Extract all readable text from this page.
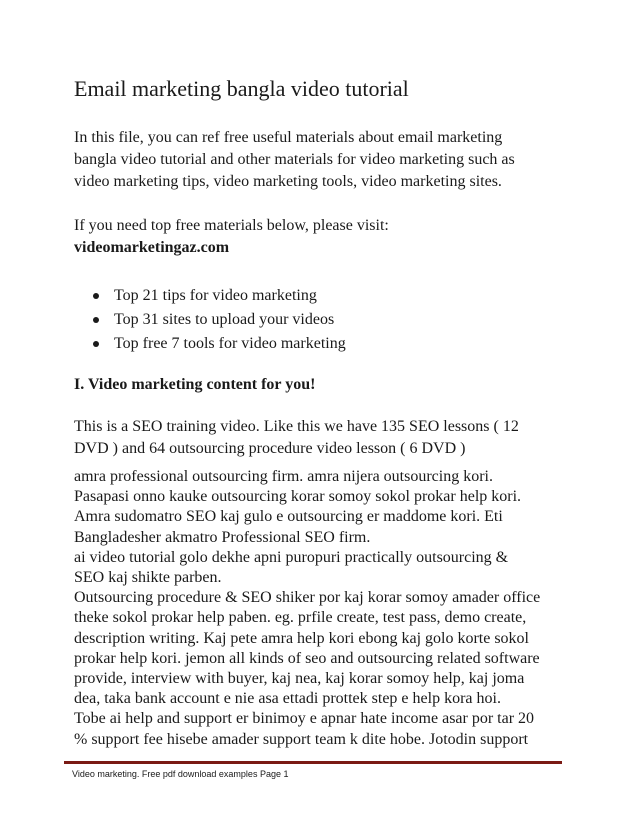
Email marketing bangla video tutorial
In this file, you can ref free useful materials about email marketing
bangla video tutorial and other materials for video marketing such as
video marketing tips, video marketing tools, video marketing sites.
If you need top free materials below, please visit:
videomarketingaz.com
Top 21 tips for video marketing
Top 31 sites to upload your videos
Top free 7 tools for video marketing
I. Video marketing content for you!
This is a SEO training video. Like this we have 135 SEO lessons ( 12
DVD ) and 64 outsourcing procedure video lesson ( 6 DVD )
amra professional outsourcing firm. amra nijera outsourcing kori.
Pasapasi onno kauke outsourcing korar somoy sokol prokar help kori.
Amra sudomatro SEO kaj gulo e outsourcing er maddome kori. Eti
Bangladesher akmatro Professional SEO firm.
ai video tutorial golo dekhe apni puropuri practically outsourcing &
SEO kaj shikte parben.
Outsourcing procedure & SEO shiker por kaj korar somoy amader office
theke sokol prokar help paben. eg. prfile create, test pass, demo create,
description writing. Kaj pete amra help kori ebong kaj golo korte sokol
prokar help kori. jemon all kinds of seo and outsourcing related software
provide, interview with buyer, kaj nea, kaj korar somoy help, kaj joma
dea, taka bank account e nie asa ettadi prottek step e help kora hoi.
Tobe ai help and support er binimoy e apnar hate income asar por tar 20
% support fee hisebe amader support team k dite hobe. Jotodin support
Video marketing. Free pdf download examples Page 1
